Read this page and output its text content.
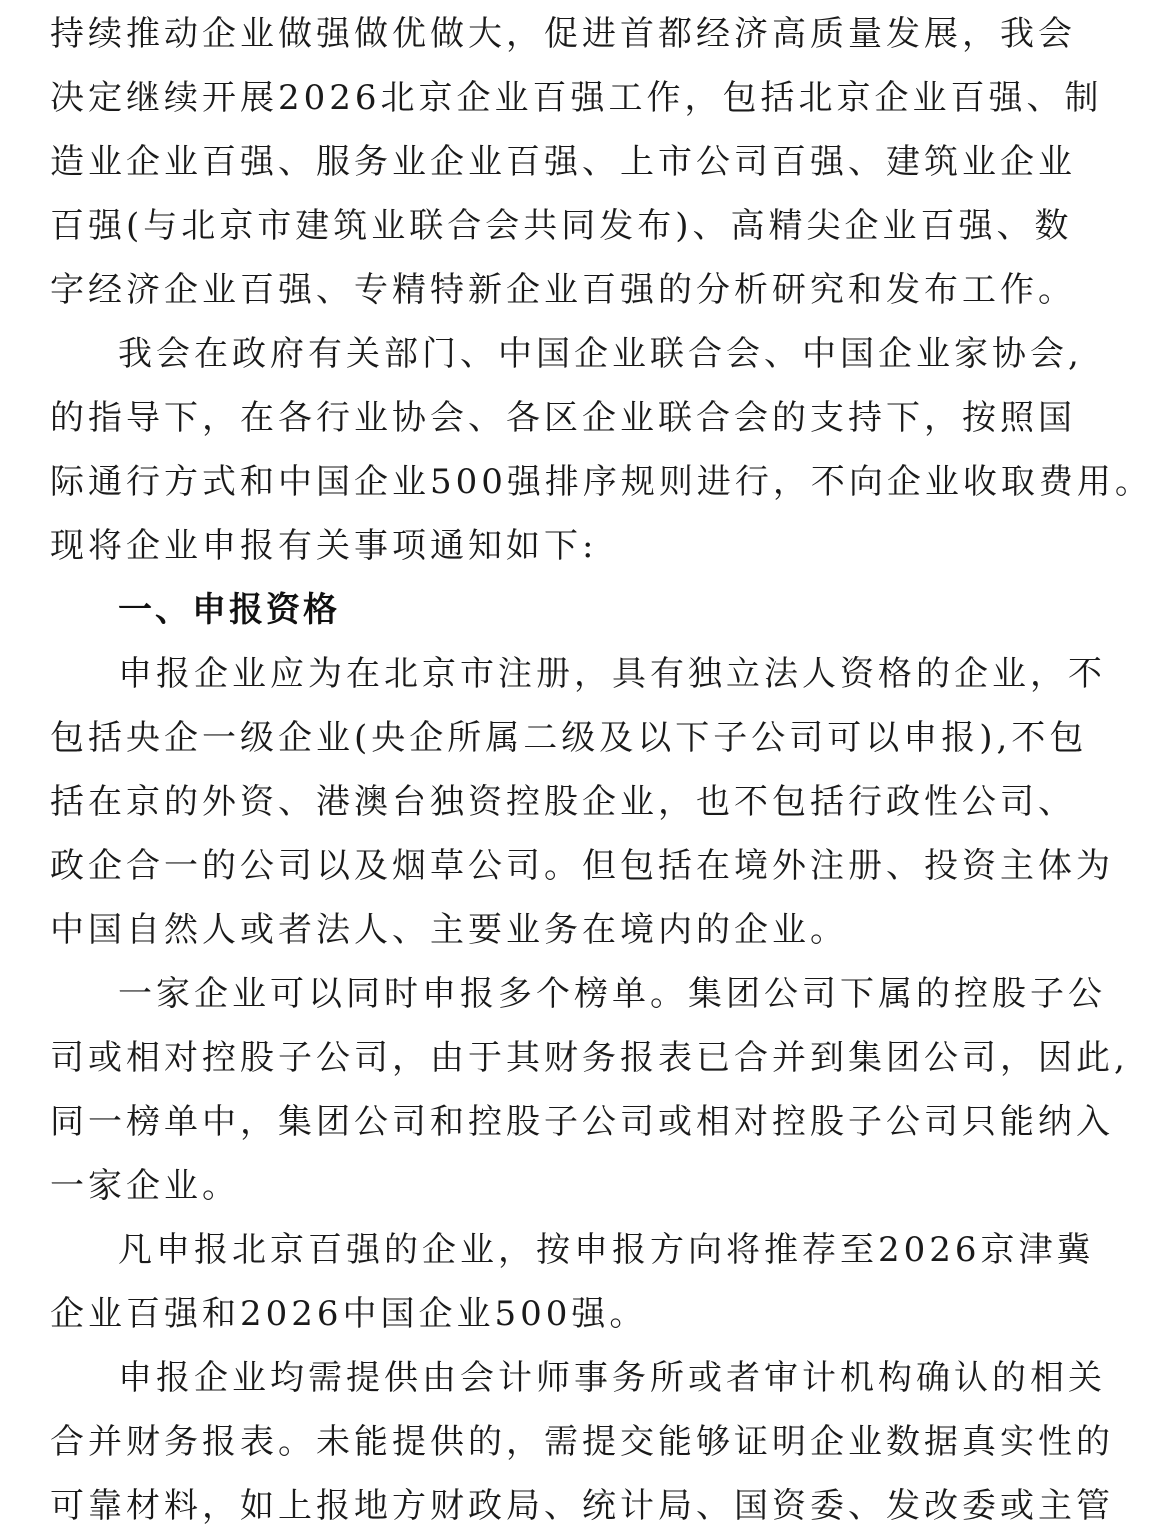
持续推动企业做强做优做大，促进首都经济高质量发展，我会
决定继续开展2026北京企业百强工作，包括北京企业百强、制
造业企业百强、服务业企业百强、上市公司百强、建筑业企业
百强(与北京市建筑业联合会共同发布)、高精尖企业百强、数
字经济企业百强、专精特新企业百强的分析研究和发布工作。
我会在政府有关部门、中国企业联合会、中国企业家协会,
的指导下，在各行业协会、各区企业联合会的支持下，按照国
际通行方式和中国企业500强排序规则进行，不向企业收取费用。
现将企业申报有关事项通知如下:
一、申报资格
申报企业应为在北京市注册，具有独立法人资格的企业，不
包括央企一级企业(央企所属二级及以下子公司可以申报),不包
括在京的外资、港澳台独资控股企业，也不包括行政性公司、
政企合一的公司以及烟草公司。但包括在境外注册、投资主体为
中国自然人或者法人、主要业务在境内的企业。
一家企业可以同时申报多个榜单。集团公司下属的控股子公
司或相对控股子公司，由于其财务报表已合并到集团公司，因此,
同一榜单中，集团公司和控股子公司或相对控股子公司只能纳入
一家企业。
凡申报北京百强的企业，按申报方向将推荐至2026京津冀
企业百强和2026中国企业500强。
申报企业均需提供由会计师事务所或者审计机构确认的相关
合并财务报表。未能提供的，需提交能够证明企业数据真实性的
可靠材料，如上报地方财政局、统计局、国资委、发改委或主管
